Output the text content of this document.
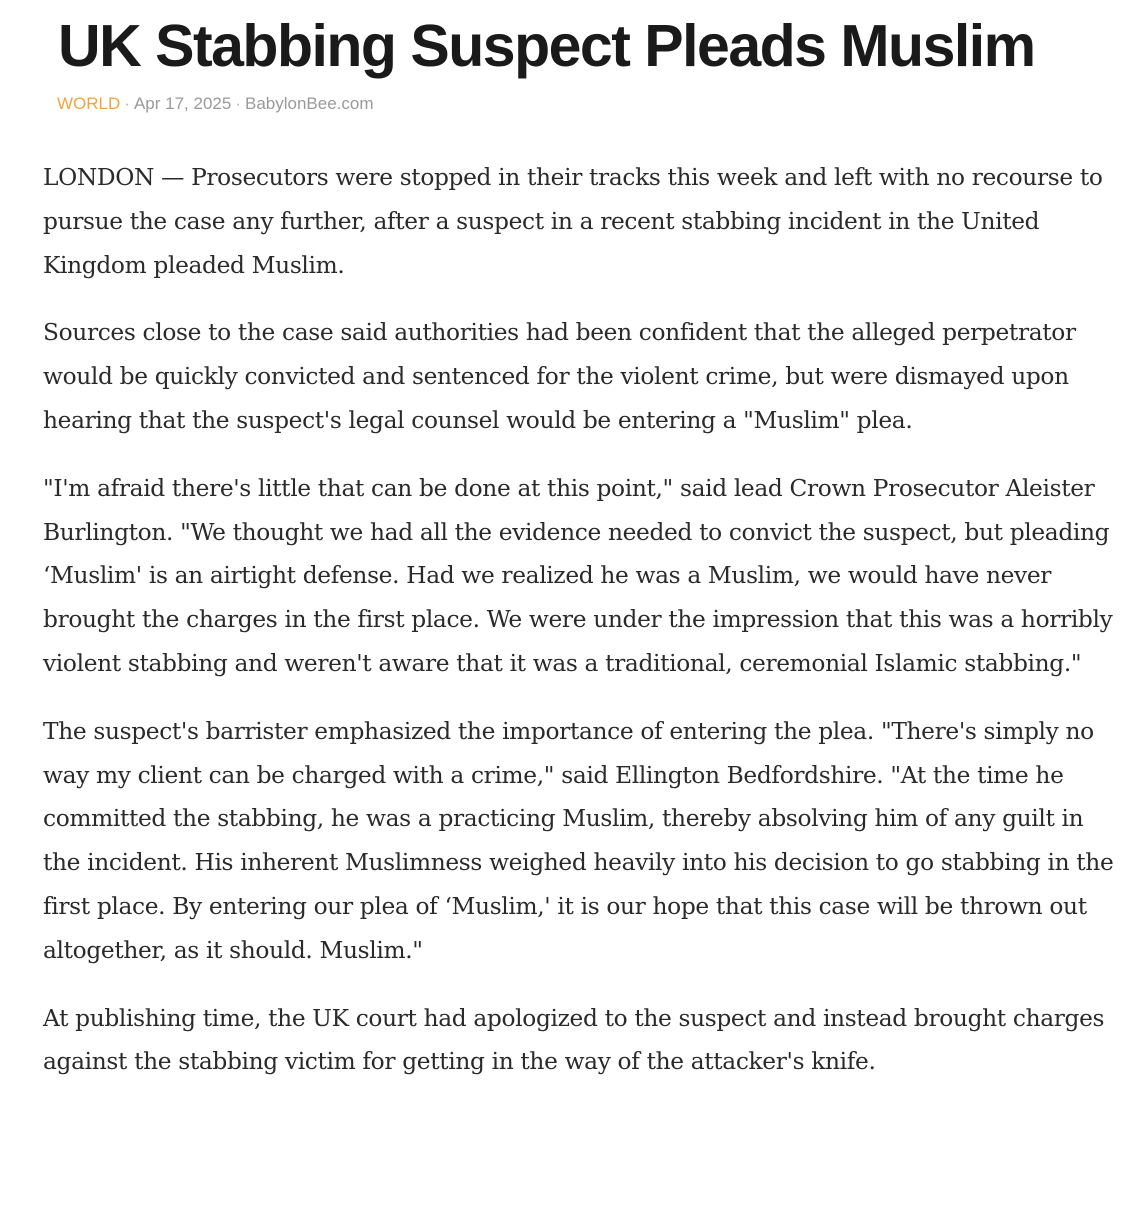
UK Stabbing Suspect Pleads Muslim
WORLD · Apr 17, 2025 · BabylonBee.com

LONDON — Prosecutors were stopped in their tracks this week and left with no recourse to pursue the case any further, after a suspect in a recent stabbing incident in the United Kingdom pleaded Muslim.

Sources close to the case said authorities had been confident that the alleged perpetrator would be quickly convicted and sentenced for the violent crime, but were dismayed upon hearing that the suspect's legal counsel would be entering a "Muslim" plea.

"I'm afraid there's little that can be done at this point," said lead Crown Prosecutor Aleister Burlington. "We thought we had all the evidence needed to convict the suspect, but pleading ‘Muslim' is an airtight defense. Had we realized he was a Muslim, we would have never brought the charges in the first place. We were under the impression that this was a horribly violent stabbing and weren't aware that it was a traditional, ceremonial Islamic stabbing."

The suspect's barrister emphasized the importance of entering the plea. "There's simply no way my client can be charged with a crime," said Ellington Bedfordshire. "At the time he committed the stabbing, he was a practicing Muslim, thereby absolving him of any guilt in the incident. His inherent Muslimness weighed heavily into his decision to go stabbing in the first place. By entering our plea of ‘Muslim,' it is our hope that this case will be thrown out altogether, as it should. Muslim."

At publishing time, the UK court had apologized to the suspect and instead brought charges against the stabbing victim for getting in the way of the attacker's knife.
